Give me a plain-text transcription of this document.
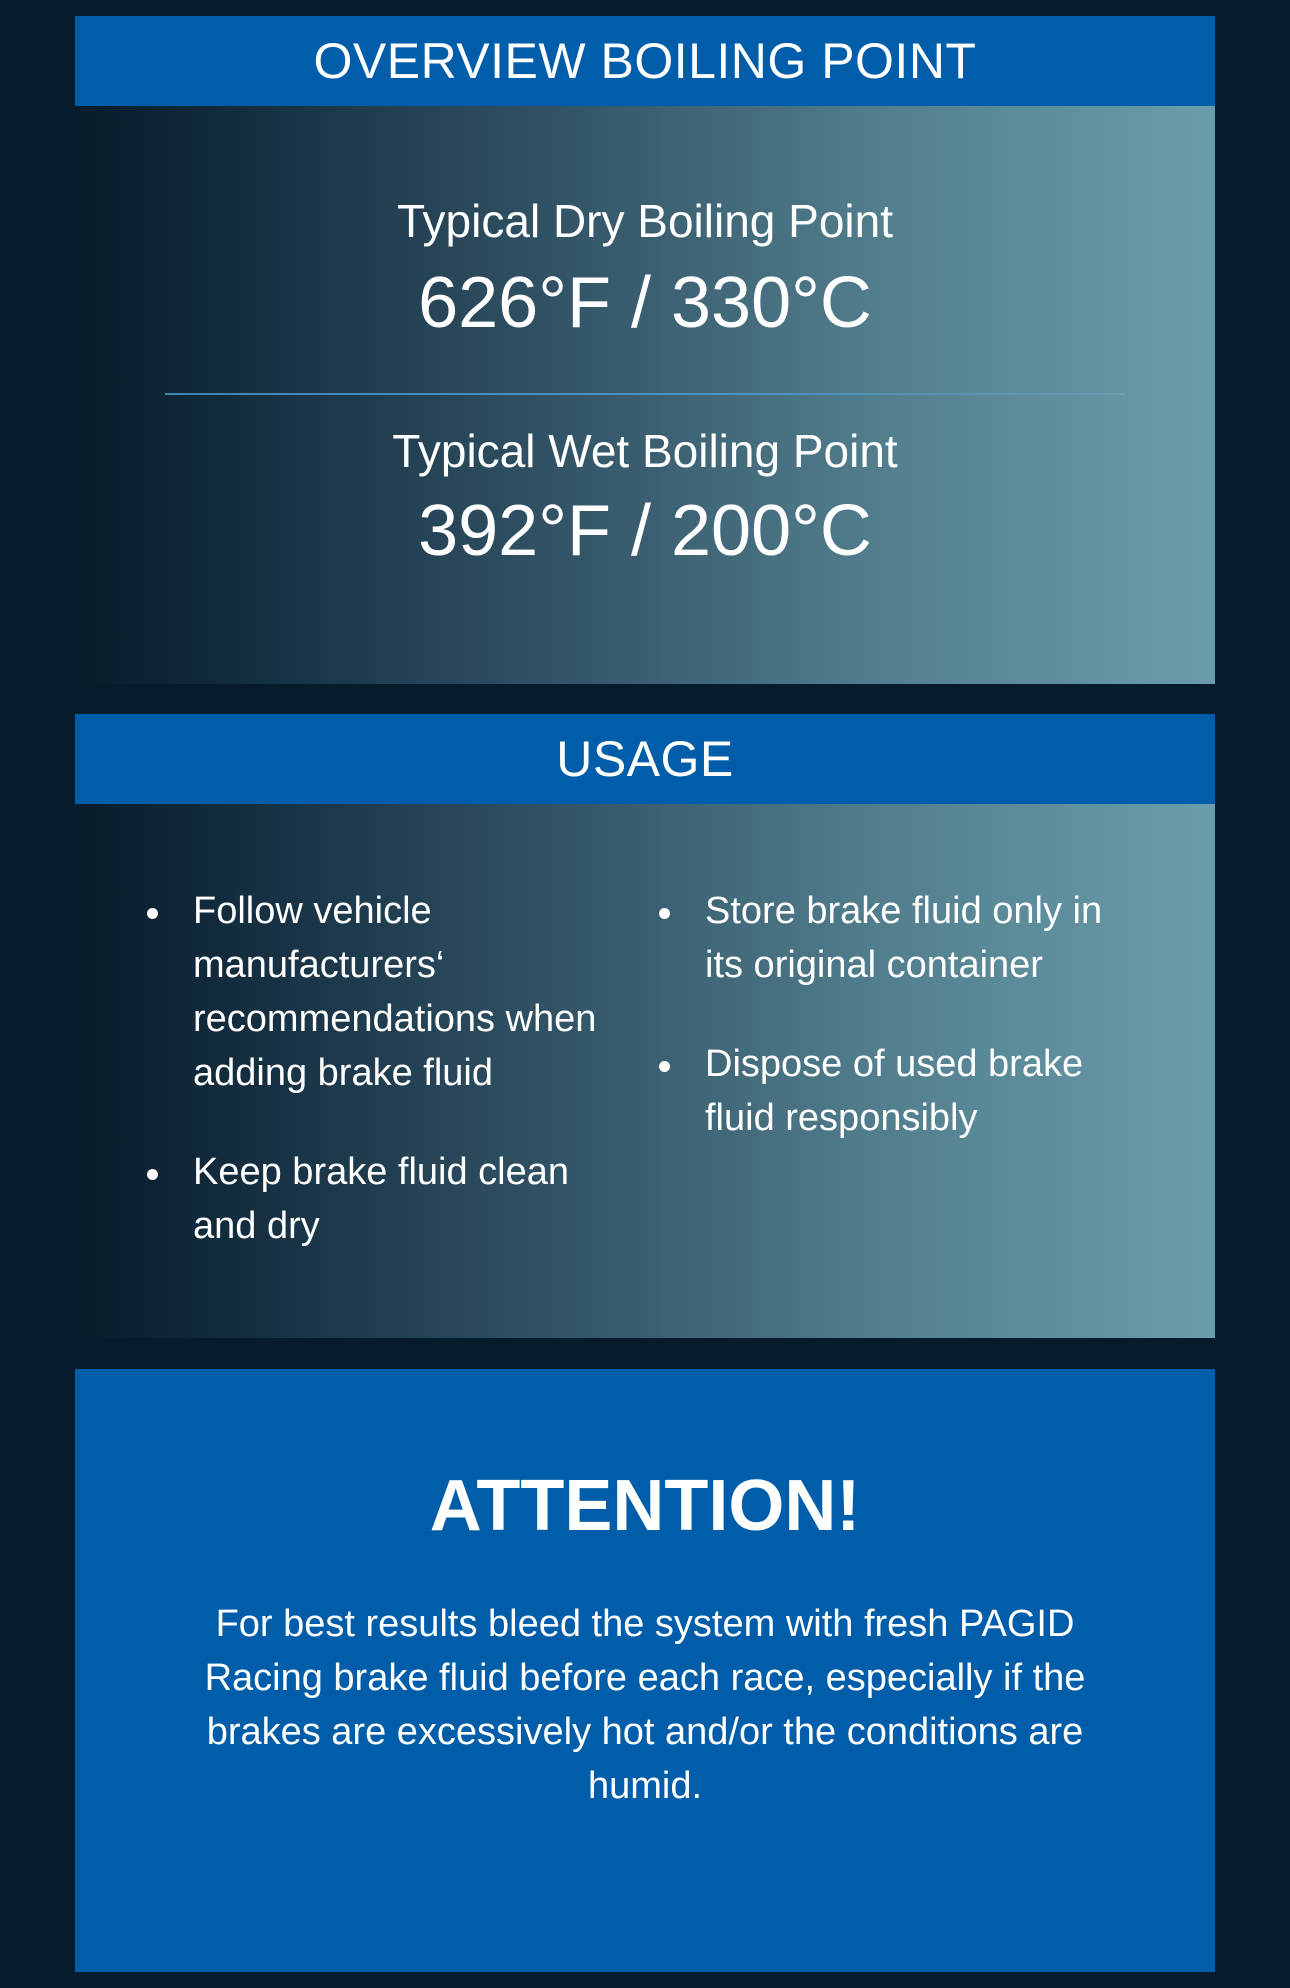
OVERVIEW BOILING POINT
Typical Dry Boiling Point
626°F / 330°C
Typical Wet Boiling Point
392°F / 200°C
USAGE
Follow vehicle manufacturers‘ recommendations when adding brake fluid
Keep brake fluid clean and dry
Store brake fluid only in its original container
Dispose of used brake fluid responsibly
ATTENTION!
For best results bleed the system with fresh PAGID Racing brake fluid before each race, especially if the brakes are excessively hot and/or the conditions are humid.
